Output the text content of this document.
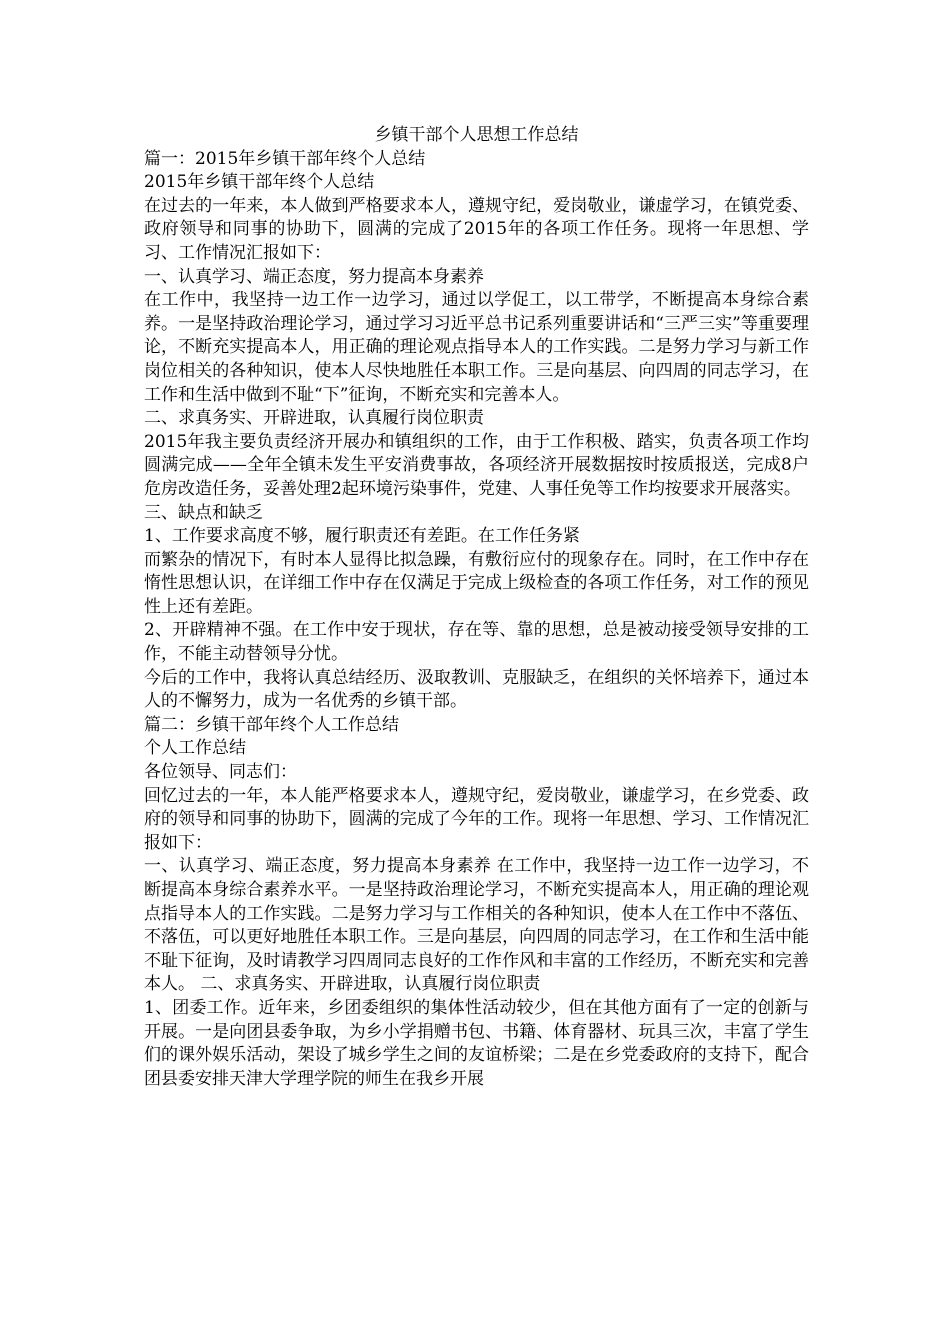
乡镇干部个人思想工作总结

篇一：2015年乡镇干部年终个人总结

2015年乡镇干部年终个人总结

在过去的一年来，本人做到严格要求本人，遵规守纪，爱岗敬业，谦虚学习，在镇党委、政府领导和同事的协助下，圆满的完成了2015年的各项工作任务。现将一年思想、学习、工作情况汇报如下：

一、认真学习、端正态度，努力提高本身素养

在工作中，我坚持一边工作一边学习，通过以学促工，以工带学，不断提高本身综合素养。一是坚持政治理论学习，通过学习习近平总书记系列重要讲话和“三严三实”等重要理论，不断充实提高本人，用正确的理论观点指导本人的工作实践。二是努力学习与新工作岗位相关的各种知识，使本人尽快地胜任本职工作。三是向基层、向四周的同志学习，在工作和生活中做到不耻“下”征询，不断充实和完善本人。

二、求真务实、开辟进取，认真履行岗位职责

2015年我主要负责经济开展办和镇组织的工作，由于工作积极、踏实，负责各项工作均圆满完成——全年全镇未发生平安消费事故，各项经济开展数据按时按质报送，完成8户危房改造任务，妥善处理2起环境污染事件，党建、人事任免等工作均按要求开展落实。

三、缺点和缺乏

1、工作要求高度不够，履行职责还有差距。在工作任务紧

而繁杂的情况下，有时本人显得比拟急躁，有敷衍应付的现象存在。同时，在工作中存在惰性思想认识，在详细工作中存在仅满足于完成上级检查的各项工作任务，对工作的预见性上还有差距。

2、开辟精神不强。在工作中安于现状，存在等、靠的思想，总是被动接受领导安排的工作，不能主动替领导分忧。

今后的工作中，我将认真总结经历、汲取教训、克服缺乏，在组织的关怀培养下，通过本人的不懈努力，成为一名优秀的乡镇干部。

篇二：乡镇干部年终个人工作总结

个人工作总结

各位领导、同志们：

回忆过去的一年，本人能严格要求本人，遵规守纪，爱岗敬业，谦虚学习，在乡党委、政府的领导和同事的协助下，圆满的完成了今年的工作。现将一年思想、学习、工作情况汇报如下：

一、认真学习、端正态度，努力提高本身素养 在工作中，我坚持一边工作一边学习，不断提高本身综合素养水平。一是坚持政治理论学习，不断充实提高本人，用正确的理论观点指导本人的工作实践。二是努力学习与工作相关的各种知识，使本人在工作中不落伍、不落伍，可以更好地胜任本职工作。三是向基层，向四周的同志学习，在工作和生活中能不耻下征询，及时请教学习四周同志良好的工作作风和丰富的工作经历，不断充实和完善本人。 二、求真务实、开辟进取，认真履行岗位职责

1、团委工作。近年来，乡团委组织的集体性活动较少，但在其他方面有了一定的创新与开展。一是向团县委争取，为乡小学捐赠书包、书籍、体育器材、玩具三次，丰富了学生们的课外娱乐活动，架设了城乡学生之间的友谊桥梁；二是在乡党委政府的支持下，配合团县委安排天津大学理学院的师生在我乡开展
